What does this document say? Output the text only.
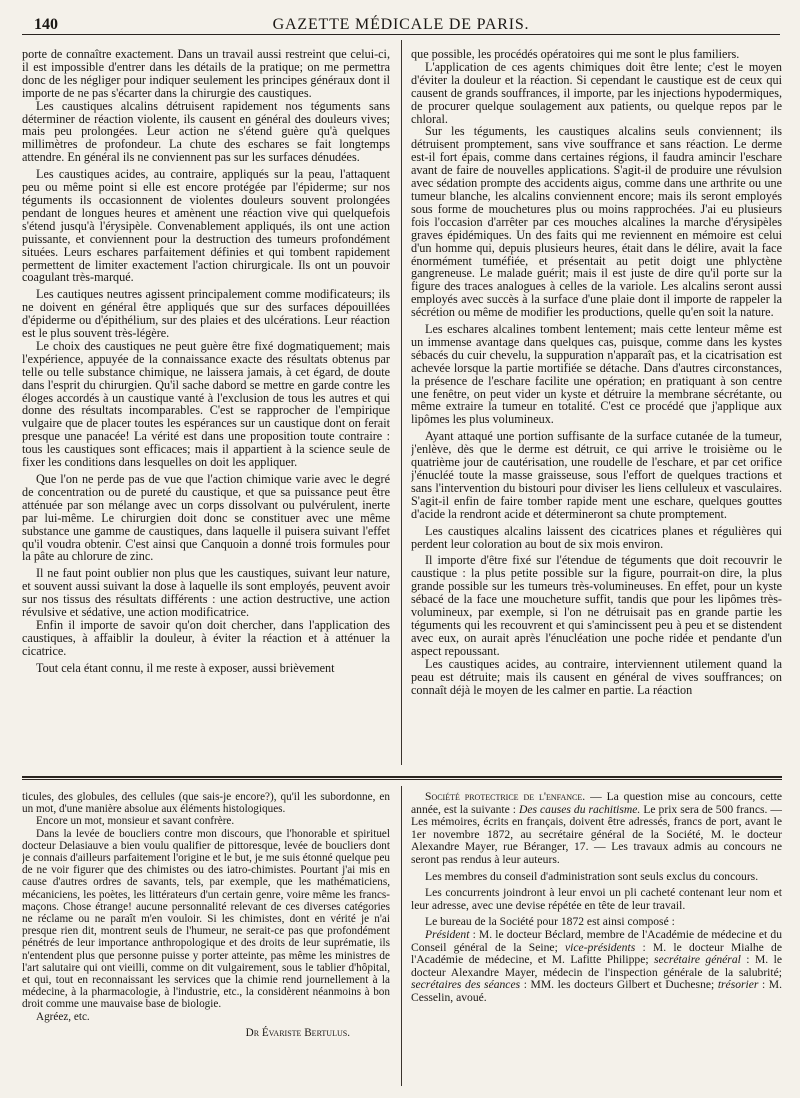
140	GAZETTE MÉDICALE DE PARIS.

porte de connaître exactement. Dans un travail aussi restreint que celui-ci, il est impossible d'entrer dans les détails de la pratique; on me permettra donc de les négliger pour indiquer seulement les principes généraux dont il importe de ne pas s'écarter dans la chirurgie des caustiques.

Les caustiques alcalins détruisent rapidement nos téguments sans déterminer de réaction violente, ils causent en général des douleurs vives; mais peu prolongées. Leur action ne s'étend guère qu'à quelques millimètres de profondeur. La chute des eschares se fait longtemps attendre. En général ils ne conviennent pas sur les surfaces dénudées.

Les caustiques acides, au contraire, appliqués sur la peau, l'attaquent peu ou même point si elle est encore protégée par l'épiderme; sur nos téguments ils occasionnent de violentes douleurs souvent prolongées pendant de longues heures et amènent une réaction vive qui quelquefois s'étend jusqu'à l'érysipèle. Convenablement appliqués, ils ont une action puissante, et conviennent pour la destruction des tumeurs profondément situées. Leurs eschares parfaitement définies et qui tombent rapidement permettent de limiter exactement l'action chirurgicale. Ils ont un pouvoir coagulant très-marqué.

Les cautiques neutres agissent principalement comme modificateurs; ils ne doivent en général être appliqués que sur des surfaces dépouillées d'épiderme ou d'épithélium, sur des plaies et des ulcérations. Leur réaction est le plus souvent très-légère.

Le choix des caustiques ne peut guère être fixé dogmatiquement; mais l'expérience, appuyée de la connaissance exacte des résultats obtenus par telle ou telle substance chimique, ne laissera jamais, à cet égard, de doute dans l'esprit du chirurgien. Qu'il sache dabord se mettre en garde contre les éloges accordés à un caustique vanté à l'exclusion de tous les autres et qui donne des résultats incomparables. C'est se rapprocher de l'empirique vulgaire que de placer toutes les espérances sur un caustique dont on ferait presque une panacée! La vérité est dans une proposition toute contraire : tous les caustiques sont efficaces; mais il appartient à la science seule de fixer les conditions dans lesquelles on doit les appliquer.

Que l'on ne perde pas de vue que l'action chimique varie avec le degré de concentration ou de pureté du caustique, et que sa puissance peut être atténuée par son mélange avec un corps dissolvant ou pulvérulent, inerte par lui-même. Le chirurgien doit donc se constituer avec une même substance une gamme de caustiques, dans laquelle il puisera suivant l'effet qu'il voudra obtenir. C'est ainsi que Canquoin a donné trois formules pour la pâte au chlorure de zinc.

Il ne faut point oublier non plus que les caustiques, suivant leur nature, et souvent aussi suivant la dose à laquelle ils sont employés, peuvent avoir sur nos tissus des résultats différents : une action destructive, une action révulsive et sédative, une action modificatrice.

Enfin il importe de savoir qu'on doit chercher, dans l'application des caustiques, à affaiblir la douleur, à éviter la réaction et à atténuer la cicatrice.

Tout cela étant connu, il me reste à exposer, aussi brièvement

que possible, les procédés opératoires qui me sont le plus familiers.

L'application de ces agents chimiques doit être lente; c'est le moyen d'éviter la douleur et la réaction. Si cependant le caustique est de ceux qui causent de grands souffrances, il importe, par les injections hypodermiques, de procurer quelque soulagement aux patients, ou quelque repos par le chloral.

Sur les téguments, les caustiques alcalins seuls conviennent; ils détruisent promptement, sans vive souffrance et sans réaction. Le derme est-il fort épais, comme dans certaines régions, il faudra amincir l'eschare avant de faire de nouvelles applications. S'agit-il de produire une révulsion avec sédation prompte des accidents aigus, comme dans une arthrite ou une tumeur blanche, les alcalins conviennent encore; mais ils seront employés sous forme de mouchetures plus ou moins rapprochées. J'ai eu plusieurs fois l'occasion d'arrêter par ces mouches alcalines la marche d'érysipèles graves épidémiques. Un des faits qui me reviennent en mémoire est celui d'un homme qui, depuis plusieurs heures, était dans le délire, avait la face énormément tuméfiée, et présentait au petit doigt une phlyctène gangreneuse. Le malade guérit; mais il est juste de dire qu'il porte sur la figure des traces analogues à celles de la variole. Les alcalins seront aussi employés avec succès à la surface d'une plaie dont il importe de rappeler la sécrétion ou même de modifier les productions, quelle qu'en soit la nature.

Les eschares alcalines tombent lentement; mais cette lenteur même est un immense avantage dans quelques cas, puisque, comme dans les kystes sébacés du cuir chevelu, la suppuration n'apparaît pas, et la cicatrisation est achevée lorsque la partie mortifiée se détache. Dans d'autres circonstances, la présence de l'eschare facilite une opération; en pratiquant à son centre une fenêtre, on peut vider un kyste et détruire la membrane sécrétante, ou même extraire la tumeur en totalité. C'est ce procédé que j'applique aux lipômes les plus volumineux.

Ayant attaqué une portion suffisante de la surface cutanée de la tumeur, j'enlève, dès que le derme est détruit, ce qui arrive le troisième ou le quatrième jour de cautérisation, une roudelle de l'eschare, et par cet orifice j'énucléé toute la masse graisseuse, sous l'effort de quelques tractions et sans l'intervention du bistouri pour diviser les liens celluleux et vasculaires. S'agit-il enfin de faire tomber rapide ment une eschare, quelques gouttes d'acide la rendront acide et détermineront sa chute promptement.

Les caustiques alcalins laissent des cicatrices planes et régulières qui perdent leur coloration au bout de six mois environ.

Il importe d'être fixé sur l'étendue de téguments que doit recouvrir le caustique : la plus petite possible sur la figure, pourrait-on dire, la plus grande possible sur les tumeurs très-volumineuses. En effet, pour un kyste sébacé de la face une moucheture suffit, tandis que pour les lipômes très-volumineux, par exemple, si l'on ne détruisait pas en grande partie les téguments qui les recouvrent et qui s'amincissent peu à peu et se distendent avec eux, on aurait après l'énucléation une poche ridée et pendante d'un aspect repoussant.

Les caustiques acides, au contraire, interviennent utilement quand la peau est détruite; mais ils causent en général de vives souffrances; on connaît déjà le moyen de les calmer en partie. La réaction

ticules, des globules, des cellules (que sais-je encore?), qu'il les subordonne, en un mot, d'une manière absolue aux éléments histologiques.

Encore un mot, monsieur et savant confrère.

Dans la levée de boucliers contre mon discours, que l'honorable et spirituel docteur Delasiauve a bien voulu qualifier de pittoresque, levée de boucliers dont je connais d'ailleurs parfaitement l'origine et le but, je me suis étonné quelque peu de ne voir figurer que des chimistes ou des iatro-chimistes. Pourtant j'ai mis en cause d'autres ordres de savants, tels, par exemple, que les mathématiciens, mécaniciens, les poètes, les littérateurs d'un certain genre, voire même les francs-maçons. Chose étrange! aucune personnalité relevant de ces diverses catégories ne réclame ou ne paraît m'en vouloir. Si les chimistes, dont en vérité je n'ai presque rien dit, montrent seuls de l'humeur, ne serait-ce pas que profondément pénétrés de leur importance anthropologique et des droits de leur suprématie, ils n'entendent plus que personne puisse y porter atteinte, pas même les ministres de l'art salutaire qui ont vieilli, comme on dit vulgairement, sous le tablier d'hôpital, et qui, tout en reconnaissant les services que la chimie rend journellement à la médecine, à la pharmacologie, à l'industrie, etc., la considèrent néanmoins à bon droit comme une mauvaise base de biologie.

Agréez, etc.

Dr Évariste Bertulus.

Société protectrice de l'enfance. — La question mise au concours, cette année, est la suivante : Des causes du rachitisme. Le prix sera de 500 francs. — Les mémoires, écrits en français, doivent être adressés, francs de port, avant le 1er novembre 1872, au secrétaire général de la Société, M. le docteur Alexandre Mayer, rue Béranger, 17. — Les travaux admis au concours ne seront pas rendus à leur auteurs.

Les membres du conseil d'administration sont seuls exclus du concours.

Les concurrents joindront à leur envoi un pli cacheté contenant leur nom et leur adresse, avec une devise répétée en tête de leur travail.

Le bureau de la Société pour 1872 est ainsi composé :

Président : M. le docteur Béclard, membre de l'Académie de médecine et du Conseil général de la Seine; vice-présidents : M. le docteur Mialhe de l'Académie de médecine, et M. Lafitte Philippe; secrétaire général : M. le docteur Alexandre Mayer, médecin de l'inspection générale de la salubrité; secrétaires des séances : MM. les docteurs Gilbert et Duchesne; trésorier : M. Cesselin, avoué.
